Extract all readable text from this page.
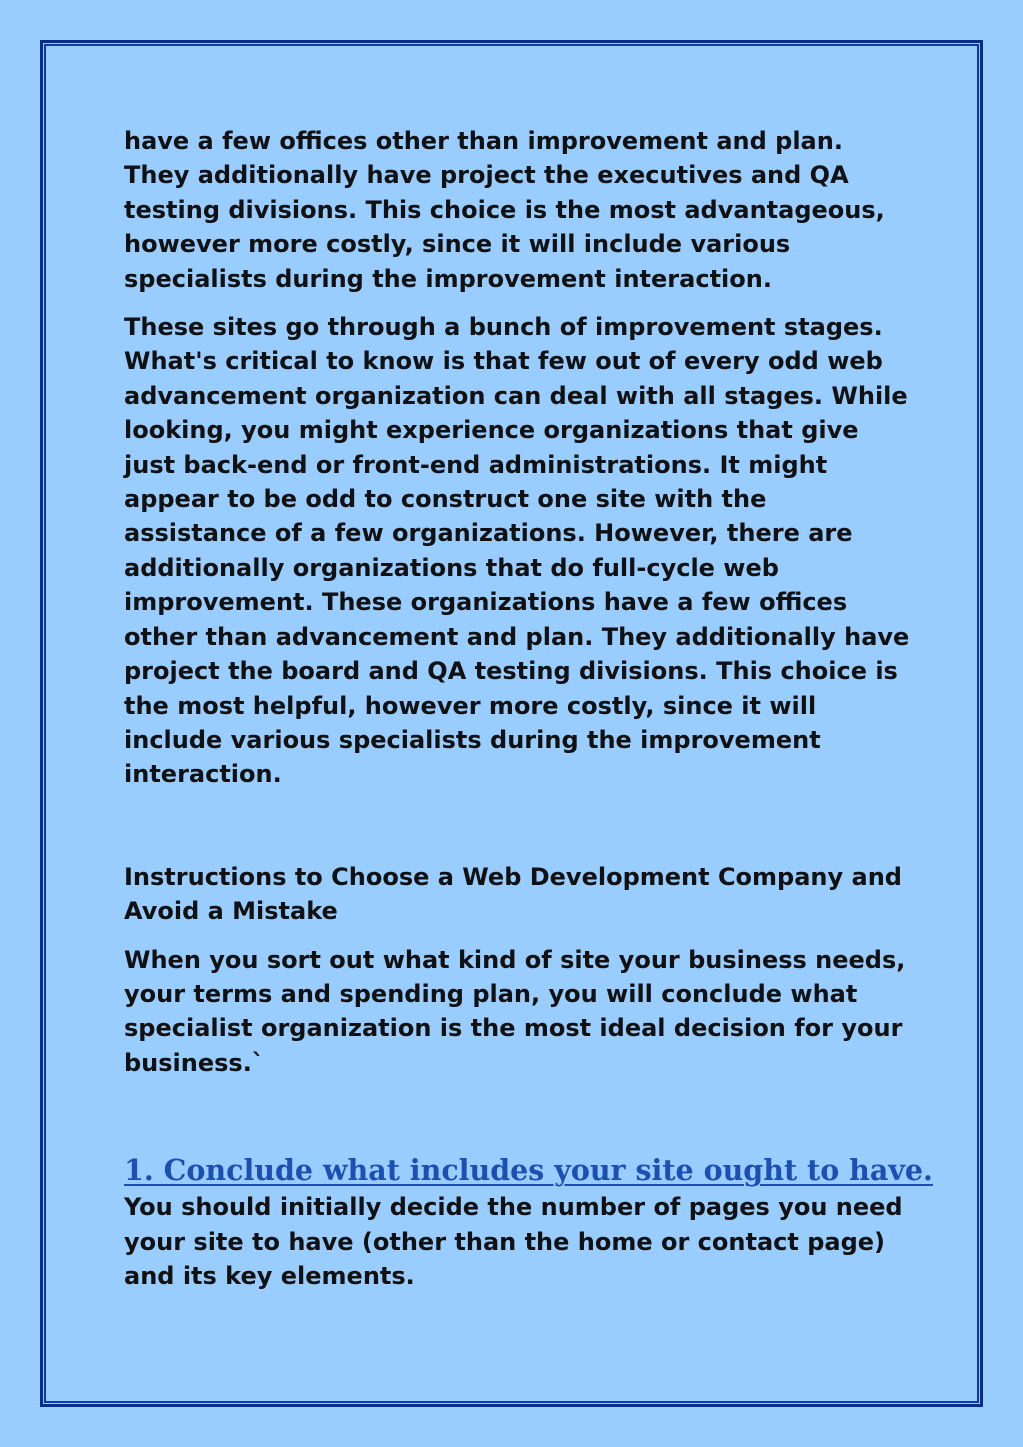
have a few offices other than improvement and plan. They additionally have project the executives and QA testing divisions. This choice is the most advantageous, however more costly, since it will include various specialists during the improvement interaction.

These sites go through a bunch of improvement stages. What's critical to know is that few out of every odd web advancement organization can deal with all stages. While looking, you might experience organizations that give just back-end or front-end administrations. It might appear to be odd to construct one site with the assistance of a few organizations. However, there are additionally organizations that do full-cycle web improvement. These organizations have a few offices other than advancement and plan. They additionally have project the board and QA testing divisions. This choice is the most helpful, however more costly, since it will include various specialists during the improvement interaction.

Instructions to Choose a Web Development Company and Avoid a Mistake

When you sort out what kind of site your business needs, your terms and spending plan, you will conclude what specialist organization is the most ideal decision for your business.`

1. Conclude what includes your site ought to have.

You should initially decide the number of pages you need your site to have (other than the home or contact page) and its key elements.
